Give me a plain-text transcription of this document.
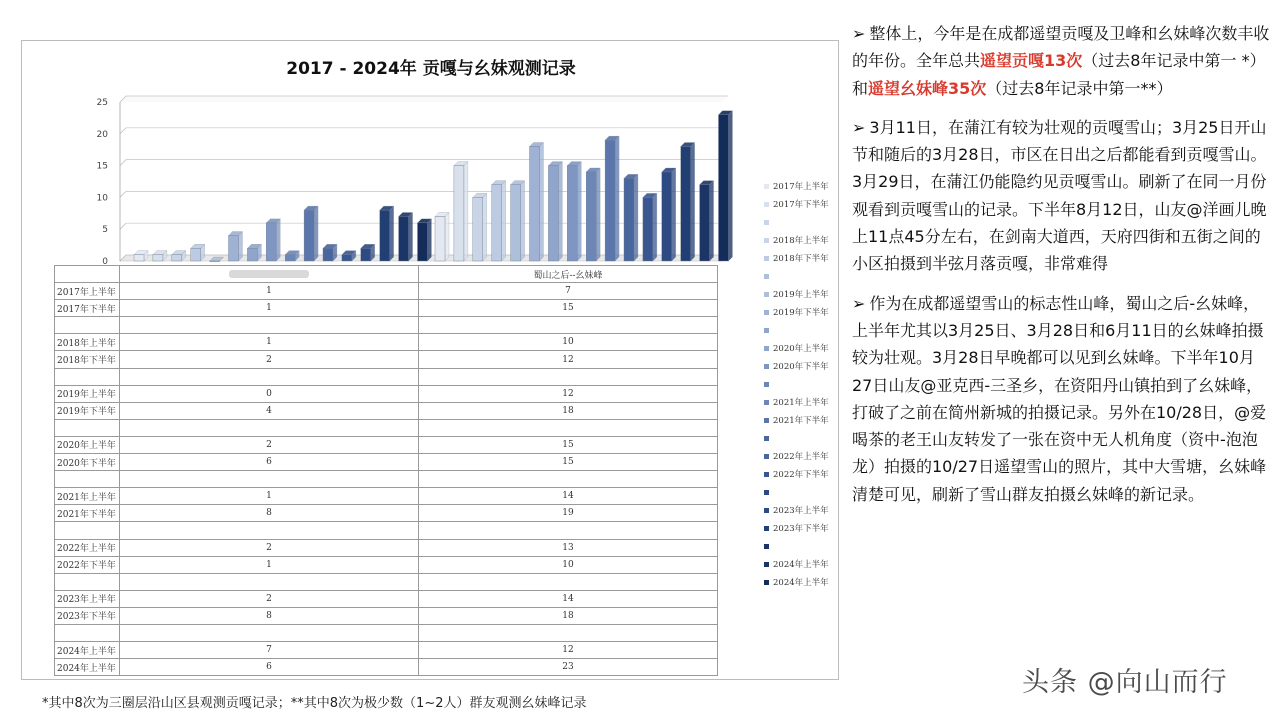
0
5
10
15
20
25
2017 - 2024年 贡嘎与幺妹观测记录
		蜀山之后--幺妹峰
2017年上半年	1	7
2017年下半年	1	15

2018年上半年	1	10
2018年下半年	2	12

2019年上半年	0	12
2019年下半年	4	18

2020年上半年	2	15
2020年下半年	6	15

2021年上半年	1	14
2021年下半年	8	19

2022年上半年	2	13
2022年下半年	1	10

2023年上半年	2	14
2023年下半年	8	18

2024年上半年	7	12
2024年上半年	6	23
2017年上半年
2017年下半年
2018年上半年
2018年下半年
2019年上半年
2019年下半年
2020年上半年
2020年下半年
2021年上半年
2021年下半年
2022年上半年
2022年下半年
2023年上半年
2023年下半年
2024年上半年
2024年上半年
*其中8次为三圈层沿山区县观测贡嘎记录；**其中8次为极少数（1~2人）群友观测幺妹峰记录
➢ 整体上，今年是在成都遥望贡嘎及卫峰和幺妹峰次数丰收的年份。全年总共遥望贡嘎13次（过去8年记录中第一 *）和遥望幺妹峰35次（过去8年记录中第一**）
➢ 3月11日，在蒲江有较为壮观的贡嘎雪山；3月25日开山节和随后的3月28日，市区在日出之后都能看到贡嘎雪山。3月29日，在蒲江仍能隐约见贡嘎雪山。刷新了在同一月份观看到贡嘎雪山的记录。下半年8月12日，山友@洋画儿晚上11点45分左右，在剑南大道西，天府四街和五街之间的小区拍摄到半弦月落贡嘎，非常难得
➢ 作为在成都遥望雪山的标志性山峰，蜀山之后-幺妹峰，上半年尤其以3月25日、3月28日和6月11日的幺妹峰拍摄较为壮观。3月28日早晚都可以见到幺妹峰。下半年10月27日山友@亚克西-三圣乡，在资阳丹山镇拍到了幺妹峰，打破了之前在简州新城的拍摄记录。另外在10/28日，@爱喝茶的老王山友转发了一张在资中无人机角度（资中-泡泡龙）拍摄的10/27日遥望雪山的照片，其中大雪塘，幺妹峰清楚可见，刷新了雪山群友拍摄幺妹峰的新记录。
头条 @向山而行
